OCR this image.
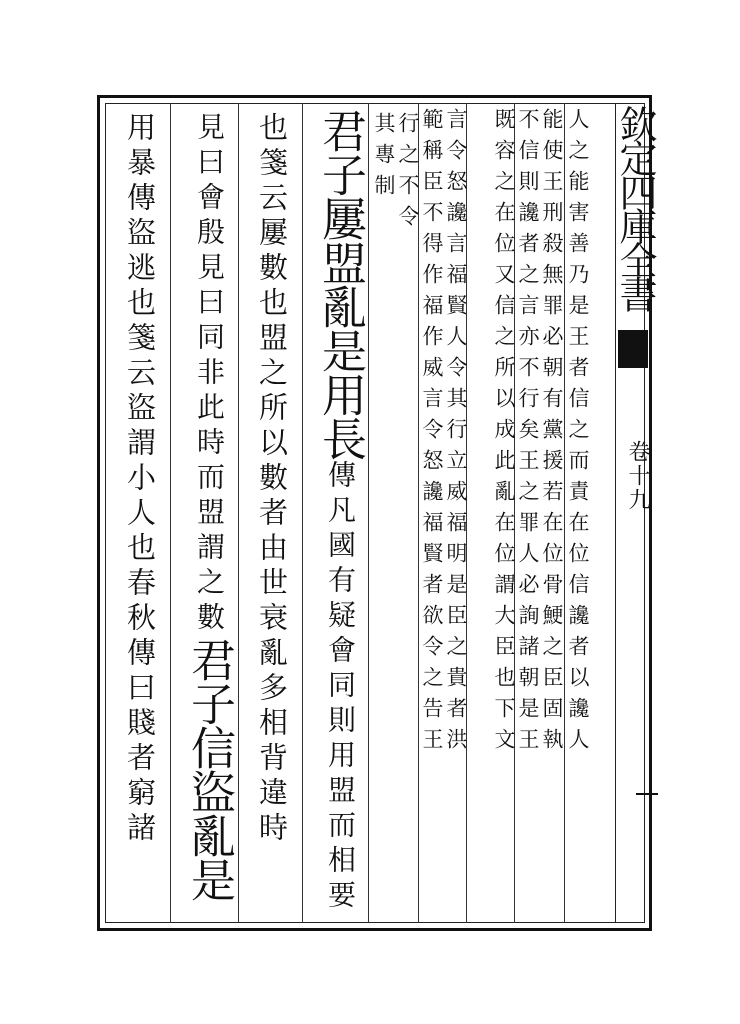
欽定四庫全書
卷十九
君子屢盟亂是用長傳凡國有疑會同則用盟而相要
也箋云屢數也盟之所以數者由世衰亂多相背違時
見曰會殷見曰同非此時而盟謂之數君子信盜亂是
用暴傳盜逃也箋云盜謂小人也春秋傳曰賤者窮諸	人之能害善乃是王者信之而責在位信讒者以讒人
能使王刑殺無罪必朝有黨援若在位骨鯁之臣固執
不信則讒者之言亦不行矣王之罪人必詢諸朝是王
既容之在位又信之所以成此亂在位謂大臣也下文
言令怒讒言福賢人令其行立威福明是臣之貴者洪
範稱臣不得作福作威言令怒讒福賢者欲令之告王
行之不令
其專制
